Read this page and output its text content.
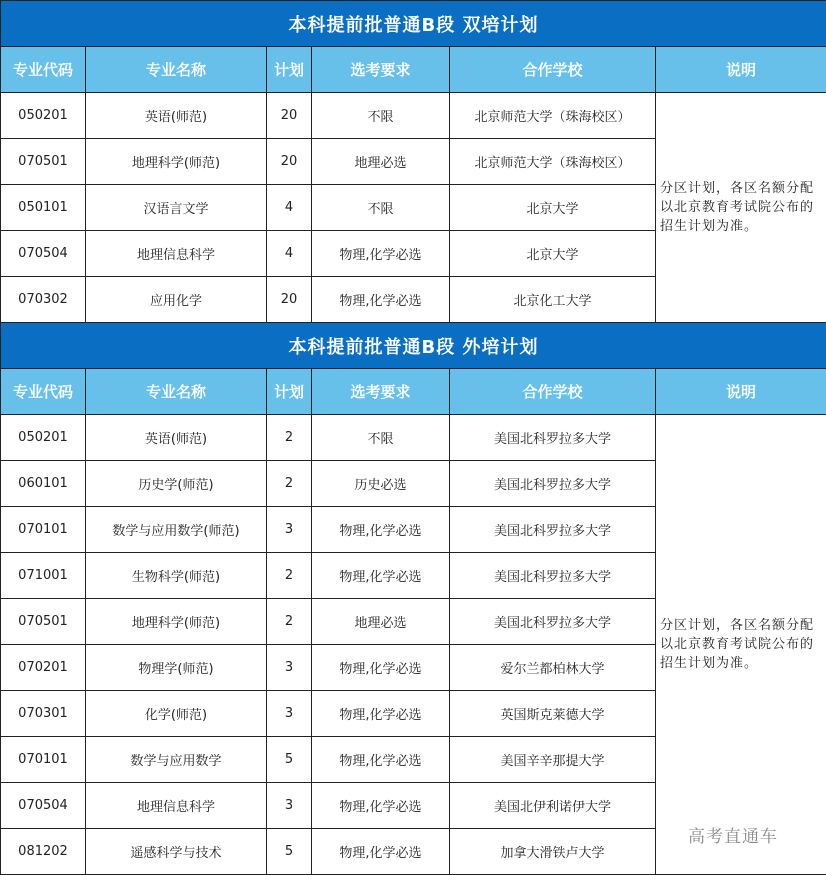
本科提前批普通B段 双培计划					
专业代码	专业名称	计划	选考要求	合作学校	说明
050201	英语(师范)	20	不限	北京师范大学（珠海校区）	分区计划，各区名额分配以北京教育考试院公布的招生计划为准。
070501	地理科学(师范)	20	地理必选	北京师范大学（珠海校区）	
050101	汉语言文学	4	不限	北京大学	
070504	地理信息科学	4	物理,化学必选	北京大学	
070302	应用化学	20	物理,化学必选	北京化工大学	
本科提前批普通B段 外培计划					
专业代码	专业名称	计划	选考要求	合作学校	说明
050201	英语(师范)	2	不限	美国北科罗拉多大学	分区计划，各区名额分配以北京教育考试院公布的招生计划为准。
060101	历史学(师范)	2	历史必选	美国北科罗拉多大学	
070101	数学与应用数学(师范)	3	物理,化学必选	美国北科罗拉多大学	
071001	生物科学(师范)	2	物理,化学必选	美国北科罗拉多大学	
070501	地理科学(师范)	2	地理必选	美国北科罗拉多大学	
070201	物理学(师范)	3	物理,化学必选	爱尔兰都柏林大学	
070301	化学(师范)	3	物理,化学必选	英国斯克莱德大学	
070101	数学与应用数学	5	物理,化学必选	美国辛辛那提大学	
070504	地理信息科学	3	物理,化学必选	美国北伊利诺伊大学	
081202	遥感科学与技术	5	物理,化学必选	加拿大滑铁卢大学	
高考直通车
